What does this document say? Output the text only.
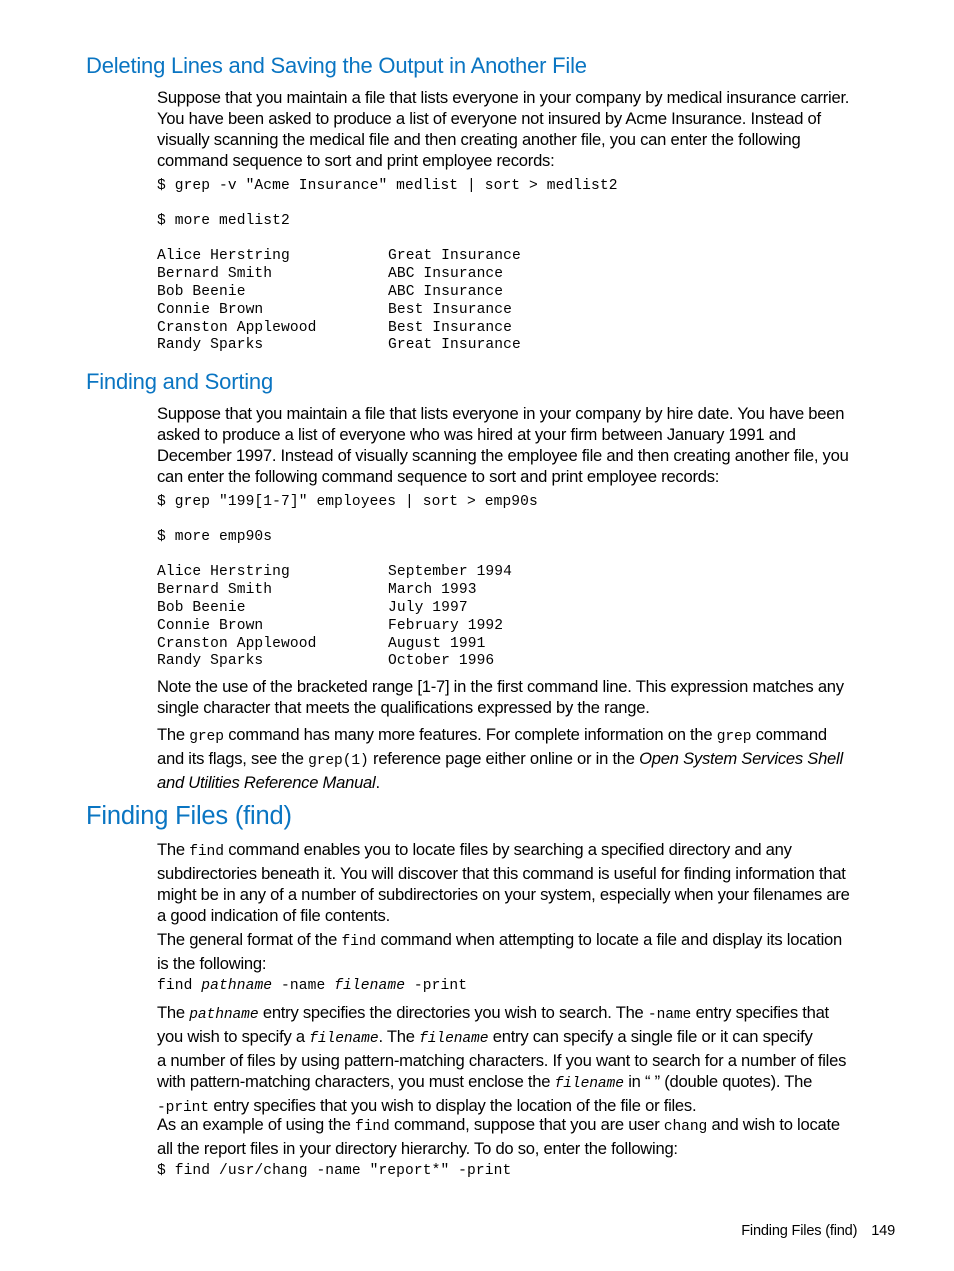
Deleting Lines and Saving the Output in Another File
Suppose that you maintain a file that lists everyone in your company by medical insurance carrier.
You have been asked to produce a list of everyone not insured by Acme Insurance. Instead of
visually scanning the medical file and then creating another file, you can enter the following
command sequence to sort and print employee records:
$ grep -v "Acme Insurance" medlist | sort > medlist2
$ more medlist2
Alice Herstring	Great Insurance
Bernard Smith	ABC Insurance
Bob Beenie	ABC Insurance
Connie Brown	Best Insurance
Cranston Applewood	Best Insurance
Randy Sparks	Great Insurance
Finding and Sorting
Suppose that you maintain a file that lists everyone in your company by hire date. You have been
asked to produce a list of everyone who was hired at your firm between January 1991 and
December 1997. Instead of visually scanning the employee file and then creating another file, you
can enter the following command sequence to sort and print employee records:
$ grep "199[1-7]" employees | sort > emp90s
$ more emp90s
Alice Herstring	September 1994
Bernard Smith	March 1993
Bob Beenie	July 1997
Connie Brown	February 1992
Cranston Applewood	August 1991
Randy Sparks	October 1996
Note the use of the bracketed range [1-7] in the first command line. This expression matches any
single character that meets the qualifications expressed by the range.
The grep command has many more features. For complete information on the grep command
and its flags, see the grep(1) reference page either online or in the Open System Services Shell
and Utilities Reference Manual.
Finding Files (find)
The find command enables you to locate files by searching a specified directory and any
subdirectories beneath it. You will discover that this command is useful for finding information that
might be in any of a number of subdirectories on your system, especially when your filenames are
a good indication of file contents.
The general format of the find command when attempting to locate a file and display its location
is the following:
find pathname -name filename -print
The pathname entry specifies the directories you wish to search. The -name entry specifies that
you wish to specify a filename. The filename entry can specify a single file or it can specify
a number of files by using pattern-matching characters. If you want to search for a number of files
with pattern-matching characters, you must enclose the filename in “ ” (double quotes). The
-print entry specifies that you wish to display the location of the file or files.
As an example of using the find command, suppose that you are user chang and wish to locate
all the report files in your directory hierarchy. To do so, enter the following:
$ find /usr/chang -name "report*" -print
Finding Files (find) 149
